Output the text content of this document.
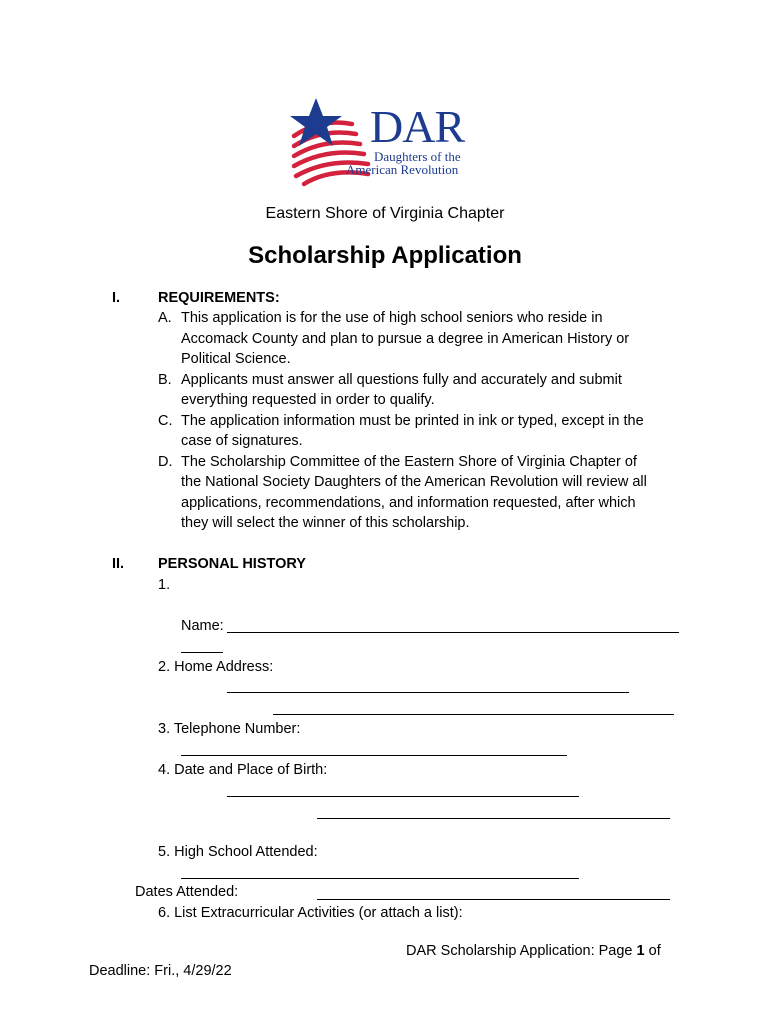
DAR
Daughters of the
American Revolution
Eastern Shore of Virginia Chapter
Scholarship Application
I.	REQUIREMENTS:
A. This application is for the use of high school seniors who reside in
Accomack County and plan to pursue a degree in American History or
Political Science.
B. Applicants must answer all questions fully and accurately and submit
everything requested in order to qualify.
C. The application information must be printed in ink or typed, except in the
case of signatures.
D. The Scholarship Committee of the Eastern Shore of Virginia Chapter of
the National Society Daughters of the American Revolution will review all
applications, recommendations, and information requested, after which
they will select the winner of this scholarship.
II. PERSONAL HISTORY
1.
Name:
2. Home Address:
3. Telephone Number:
4. Date and Place of Birth:
5. High School Attended:
Dates Attended:
6. List Extracurricular Activities (or attach a list):
DAR Scholarship Application: Page 1 of
Deadline: Fri., 4/29/22
